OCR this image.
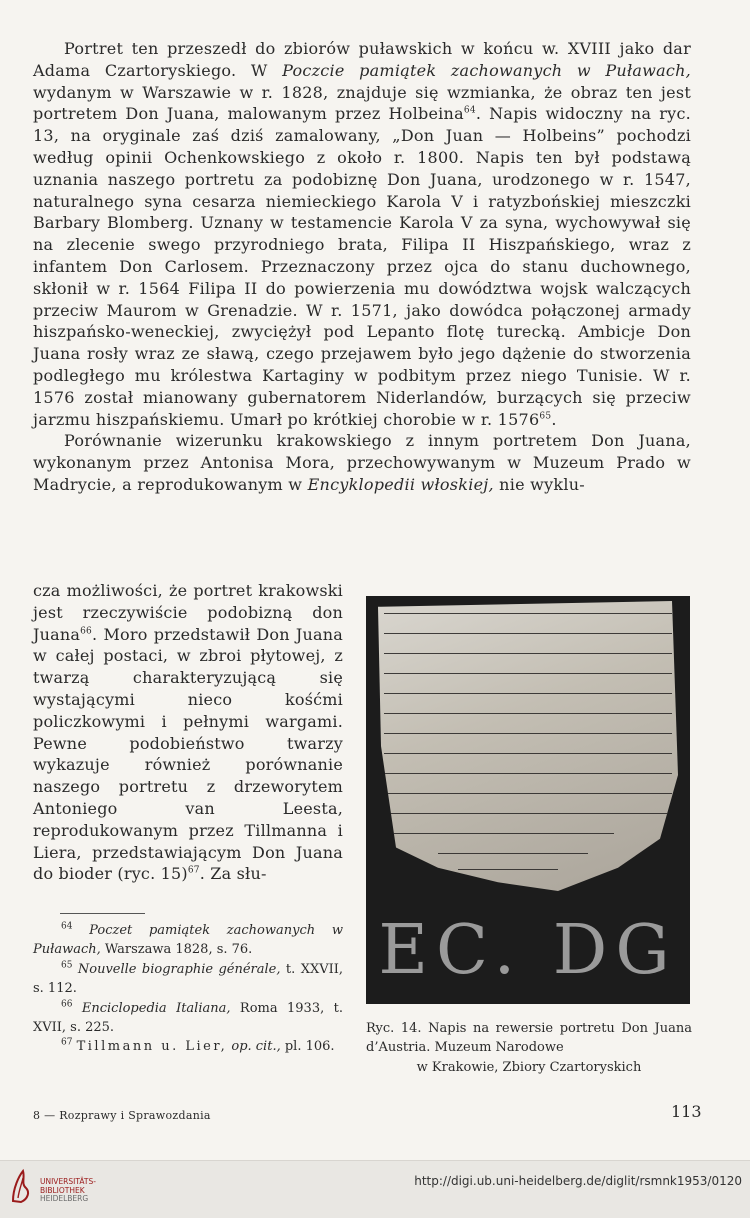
Portret ten przeszedł do zbiorów puławskich w końcu w. XVIII jako dar Adama Czartoryskiego. W Poczcie pamiątek zachowanych w Puławach, wydanym w Warszawie w r. 1828, znajduje się wzmianka, że obraz ten jest portretem Don Juana, malowanym przez Holbeina$^{64}$. Napis widoczny na ryc. 13, na oryginale zaś dziś zamalowany, „Don Juan — Holbeins” pochodzi według opinii Ochenkowskiego z około r. 1800. Napis ten był podstawą uznania naszego portretu za podobiznę Don Juana, urodzonego w r. 1547, naturalnego syna cesarza niemieckiego Karola V i ratyzbońskiej mieszczki Barbary Blomberg. Uznany w testamencie Karola V za syna, wychowywał się na zlecenie swego przyrodniego brata, Filipa II Hiszpańskiego, wraz z infantem Don Carlosem. Przeznaczony przez ojca do stanu duchownego, skłonił w r. 1564 Filipa II do powierzenia mu dowództwa wojsk walczących przeciw Maurom w Grenadzie. W r. 1571, jako dowódca połączonej armady hiszpańsko-weneckiej, zwyciężył pod Lepanto flotę turecką. Ambicje Don Juana rosły wraz ze sławą, czego przejawem było jego dążenie do stworzenia podległego mu królestwa Kartaginy w podbitym przez niego Tunisie. W r. 1576 został mianowany gubernatorem Niderlandów, burzących się przeciw jarzmu hiszpańskiemu. Umarł po krótkiej chorobie w r. 1576$^{65}$.

Porównanie wizerunku krakowskiego z innym portretem Don Juana, wykonanym przez Antonisa Mora, przechowywanym w Muzeum Prado w Madrycie, a reprodukowanym w Encyklopedii włoskiej, nie wyklu-

cza możliwości, że portret krakowski jest rzeczywiście podobizną don Juana$^{66}$. Moro przedstawił Don Juana w całej postaci, w zbroi płytowej, z twarzą charakteryzującą się wystającymi nieco kośćmi policzkowymi i pełnymi wargami. Pewne podobieństwo twarzy wykazuje również porównanie naszego portretu z drzeworytem Antoniego van Leesta, reprodukowanym przez Tillmanna i Liera, przedstawiającym Don Juana do bioder (ryc. 15)$^{67}$. Za słu-

$^{64}$ Poczet pamiątek zachowanych w Puławach, Warszawa 1828, s. 76.

$^{65}$ Nouvelle biographie générale, t. XXVII, s. 112.

$^{66}$ Enciclopedia Italiana, Roma 1933, t. XVII, s. 225.

$^{67}$ Tillmann u. Lier, op. cit., pl. 106.

EC. DG

Ryc. 14. Napis na rewersie portretu Don Juana d’Austria. Muzeum Narodowe

w Krakowie, Zbiory Czartoryskich

8 — Rozprawy i Sprawozdania	113
UNIVERSITÄTS-
BIBLIOTHEK
HEIDELBERG
http://digi.ub.uni-heidelberg.de/diglit/rsmnk1953/0120
